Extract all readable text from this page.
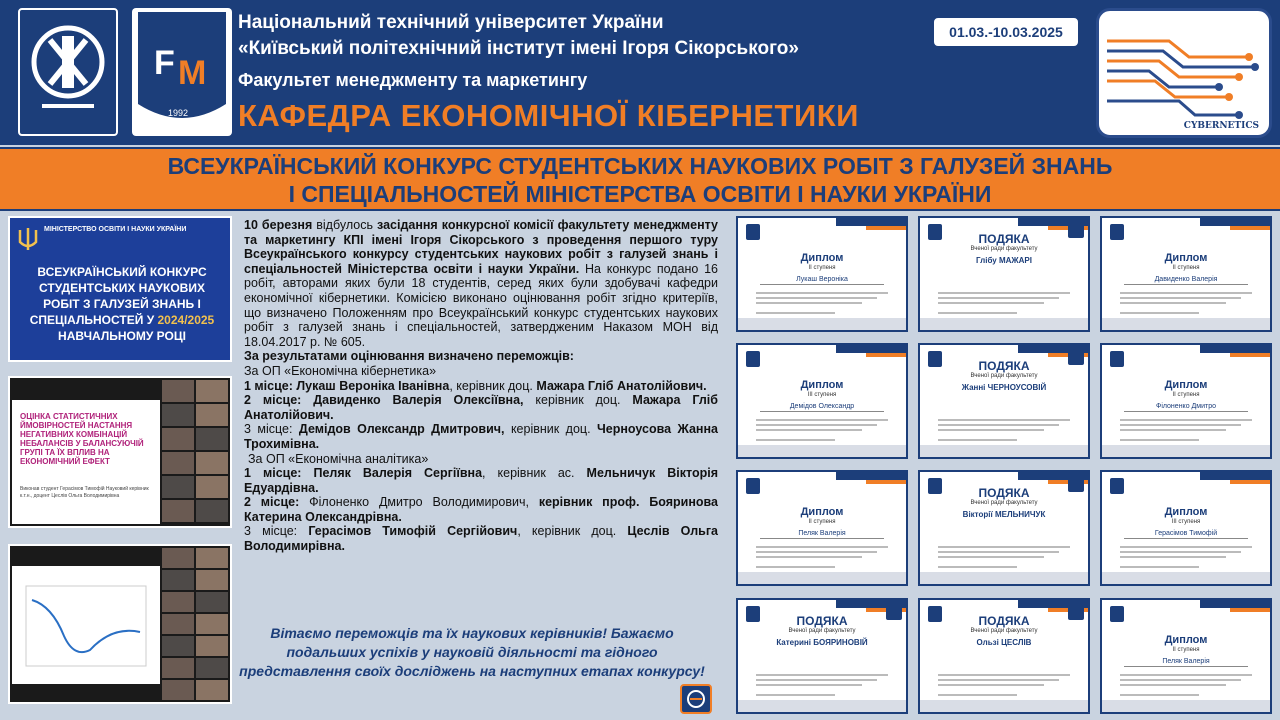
F M
1992
Національний технічний університет України
«Київський політехнічний інститут імені Ігоря Сікорського»
Факультет менеджменту та маркетингу
КАФЕДРА ЕКОНОМІЧНОЇ КІБЕРНЕТИКИ
01.03.-10.03.2025
CYBERNETICS
ВСЕУКРАЇНСЬКИЙ КОНКУРС СТУДЕНТСЬКИХ НАУКОВИХ РОБІТ З ГАЛУЗЕЙ ЗНАНЬ
І СПЕЦІАЛЬНОСТЕЙ МІНІСТЕРСТВА ОСВІТИ І НАУКИ УКРАЇНИ
МІНІСТЕРСТВО ОСВІТИ І НАУКИ УКРАЇНИ
ВСЕУКРАЇНСЬКИЙ КОНКУРС СТУДЕНТСЬКИХ НАУКОВИХ РОБІТ З ГАЛУЗЕЙ ЗНАНЬ І СПЕЦІАЛЬНОСТЕЙ У 2024/2025 НАВЧАЛЬНОМУ РОЦІ
ОЦІНКА СТАТИСТИЧНИХ ЙМОВІРНОСТЕЙ НАСТАННЯ НЕГАТИВНИХ КОМБІНАЦІЙ НЕБАЛАНСІВ У БАЛАНСУЮЧІЙ ГРУПІ ТА ЇХ ВПЛИВ НА ЕКОНОМІЧНИЙ ЕФЕКТ
Виконав студент Герасімов Тимофій Науковий керівник к.т.н., доцент Цеслів Ольга Володимирівна

10 березня відбулось засідання конкурсної комісії факультету менеджменту та маркетингу КПІ імені Ігоря Сікорського з проведення першого туру Всеукраїнського конкурсу студентських наукових робіт з галузей знань і спеціальностей Міністерства освіти і науки України. На конкурс подано 16 робіт, авторами яких були 18 студентів, серед яких були здобувачі кафедри економічної кібернетики. Комісією виконано оцінювання робіт згідно критеріїв, що визначено Положенням про Всеукраїнський конкурс студентських наукових робіт з галузей знань і спеціальностей, затвердженим Наказом МОН від 18.04.2017 р. № 605.

За результатами оцінювання визначено переможців:
За ОП «Економічна кібернетика»
1 місце: Лукаш Вероніка Іванівна, керівник доц. Мажара Гліб Анатолійович.
2 місце: Давиденко Валерія Олексіївна, керівник доц. Мажара Гліб Анатолійович.
3 місце: Демідов Олександр Дмитрович, керівник доц. Черноусова Жанна Трохимівна.
За ОП «Економічна аналітика»
1 місце: Пеляк Валерія Сергіївна, керівник ас. Мельничук Вікторія Едуардівна.
2 місце: Філоненко Дмитро Володимирович, керівник проф. Бояринова Катерина Олександрівна.
3 місце: Герасімов Тимофій Сергійович, керівник доц. Цеслів Ольга Володимирівна.
Вітаємо переможців та їх наукових керівників! Бажаємо подальших успіхів у науковій діяльності та гідного представлення своїх досліджень на наступних етапах конкурсу!
Диплом
II ступеня
Лукаш Вероніка
ПОДЯКА
Вченої ради факультету
Глібу МАЖАРІ	Диплом
II ступеня
Давиденко Валерія
Диплом
III ступеня
Демідов Олександр
ПОДЯКА
Вченої ради факультету
Жанні ЧЕРНОУСОВІЙ	Диплом
II ступеня
Філоненко Дмитро
Диплом
II ступеня
Пеляк Валерія
ПОДЯКА
Вченої ради факультету
Вікторії МЕЛЬНИЧУК	Диплом
III ступеня
Герасімов Тимофій
ПОДЯКА
Вченої ради факультету
Катерині БОЯРИНОВІЙ
ПОДЯКА
Вченої ради факультету
Ользі ЦЕСЛІВ	Диплом
II ступеня
Пеляк Валерія
